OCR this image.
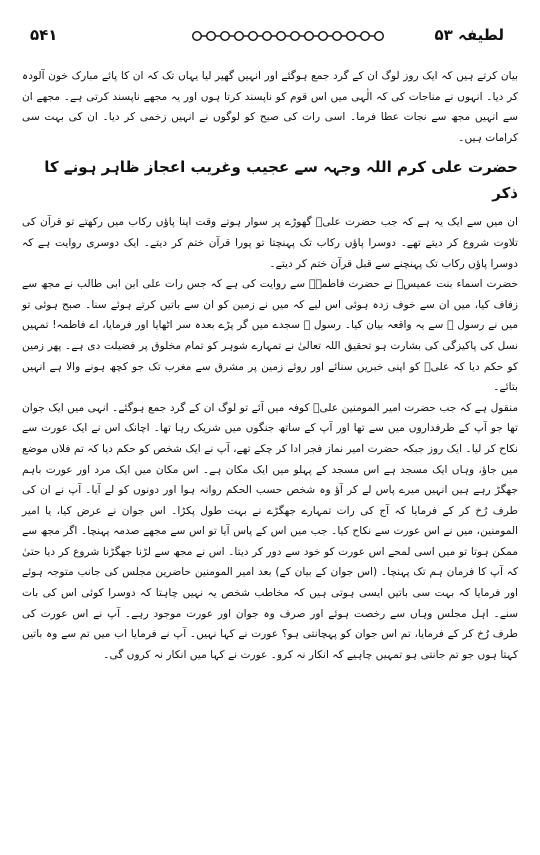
۵۴۱	لطیفہ ۵۳

بیان کرتے ہیں کہ ایک روز لوگ ان کے گرد جمع ہوگئے اور انہیں گھیر لیا یہاں تک کہ ان کا پائے مبارک خون آلودہ کر دیا۔ انہوں نے مناجات کی کہ الٰہی میں اس قوم کو ناپسند کرتا ہوں اور یہ مجھے ناپسند کرتی ہے۔ مجھے ان سے انہیں مجھ سے نجات عطا فرما۔ اسی رات کی صبح کو لوگوں نے انہیں زخمی کر دیا۔ ان کی بہت سی کرامات ہیں۔

حضرت علی کرم اللہ وجہہ سے عجیب وغریب اعجاز ظاہر ہونے کا ذکر

ان میں سے ایک یہ ہے کہ جب حضرت علیؓ گھوڑے پر سوار ہوتے وقت اپنا پاؤں رکاب میں رکھتے تو قرآن کی تلاوت شروع کر دیتے تھے۔ دوسرا پاؤں رکاب تک پہنچتا تو پورا قرآن ختم کر دیتے۔ ایک دوسری روایت ہے کہ دوسرا پاؤں رکاب تک پہنچنے سے قبل قرآن ختم کر دیتے۔

حضرت اسماء بنت عمیسؓ نے حضرت فاطمہؓ سے روایت کی ہے کہ جس رات علی ابن ابی طالب نے مجھ سے زفاف کیا، میں ان سے خوف زدہ ہوئی اس لیے کہ میں نے زمین کو ان سے باتیں کرتے ہوئے سنا۔ صبح ہوئی تو میں نے رسول ﷺ سے یہ واقعہ بیان کیا۔ رسول ﷺ سجدے میں گر پڑے بعدہ سر اٹھایا اور فرمایا، اے فاطمہ! تمہیں نسل کی پاکیزگی کی بشارت ہو تحقیق اللہ تعالیٰ نے تمہارے شوہر کو تمام مخلوق پر فضیلت دی ہے۔ پھر زمین کو حکم دیا کہ علیؓ کو اپنی خبریں سنائے اور روئے زمین پر مشرق سے مغرب تک جو کچھ ہونے والا ہے انہیں بتائے۔

منقول ہے کہ جب حضرت امیر المومنین علیؓ کوفہ میں آئے تو لوگ ان کے گرد جمع ہوگئے۔ انہی میں ایک جوان تھا جو آپ کے طرفداروں میں سے تھا اور آپ کے ساتھ جنگوں میں شریک رہا تھا۔ اچانک اس نے ایک عورت سے نکاح کر لیا۔ ایک روز جبکہ حضرت امیر نماز فجر ادا کر چکے تھے، آپ نے ایک شخص کو حکم دیا کہ تم فلاں موضع میں جاؤ، وہاں ایک مسجد ہے اس مسجد کے پہلو میں ایک مکان ہے۔ اس مکان میں ایک مرد اور عورت باہم جھگڑ رہے ہیں انہیں میرے پاس لے کر آؤ وہ شخص حسب الحکم روانہ ہوا اور دونوں کو لے آیا۔ آپ نے ان کی طرف رُخ کر کے فرمایا کہ آج کی رات تمہارے جھگڑے نے بہت طول پکڑا۔ اس جوان نے عرض کیا، یا امیر المومنین، میں نے اس عورت سے نکاح کیا۔ جب میں اس کے پاس آیا تو اس سے مجھے صدمہ پہنچا۔ اگر مجھ سے ممکن ہوتا تو میں اسی لمحے اس عورت کو خود سے دور کر دیتا۔ اس نے مجھ سے لڑنا جھگڑنا شروع کر دیا حتیٰ کہ آپ کا فرمان ہم تک پہنچا۔ (اس جوان کے بیان کے) بعد امیر المومنین حاضرین مجلس کی جانب متوجہ ہوئے اور فرمایا کہ بہت سی باتیں ایسی ہوتی ہیں کہ مخاطب شخص یہ نہیں چاہتا کہ دوسرا کوئی اس کی بات سنے۔ اہل مجلس وہاں سے رخصت ہوئے اور صرف وہ جوان اور عورت موجود رہے۔ آپ نے اس عورت کی طرف رُخ کر کے فرمایا، تم اس جوان کو پہچانتی ہو؟ عورت نے کہا نہیں۔ آپ نے فرمایا اب میں تم سے وہ باتیں کہتا ہوں جو تم جانتی ہو تمہیں چاہیے کہ انکار نہ کرو۔ عورت نے کہا میں انکار نہ کروں گی۔
